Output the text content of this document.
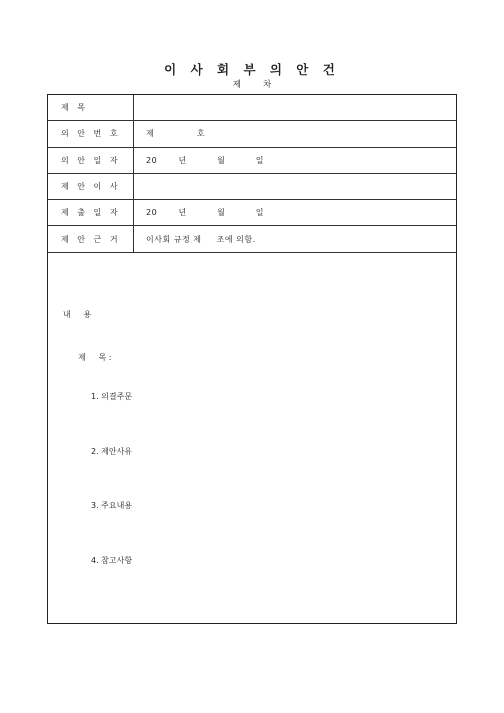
이 사 회 부 의 안 건
제차
제 목	
의 안 번 호	제              호
의 안 일 자	20       년          월          일
제 안 이 사	
제 출 일 자	20       년          월          일
제 안 근 거	이사회 규정 제     조에 의함.
내     용
제     목 :
1. 의결주문
2. 제안사유
3. 주요내용
4. 참고사항
